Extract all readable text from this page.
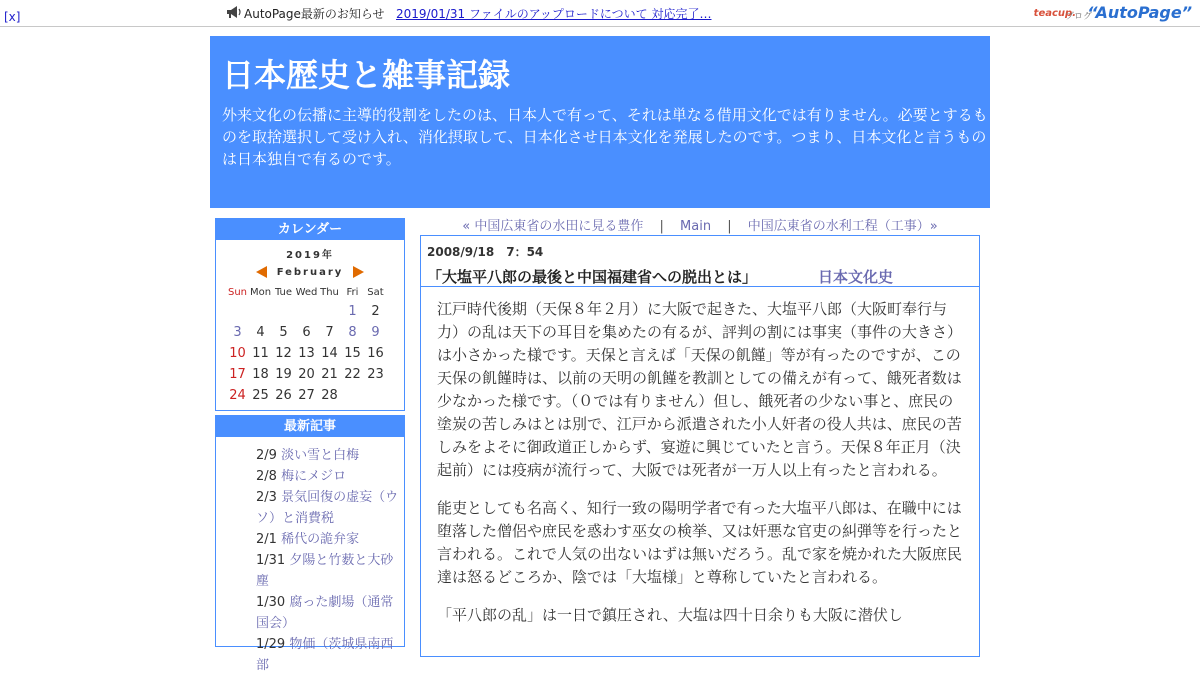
[x]	AutoPage最新のお知らせ 2019/01/31 ファイルのアップロードについて 対応完了…	teacup.
ブログ
“AutoPage”
日本歴史と雑事記録

外来文化の伝播に主導的役割をしたのは、日本人で有って、それは単なる借用文化では有りません。必要とするものを取捨選択して受け入れ、消化摂取して、日本化させ日本文化を発展したのです。つまり、日本文化と言うものは日本独自で有るのです。

カレンダー
2019年
February
Sun	Mon	Tue	Wed	Thu	Fri	Sat
					1	2
3	4	5	6	7	8	9
10	11	12	13	14	15	16
17	18	19	20	21	22	23
24	25	26	27	28		
最新記事
2/9 淡い雪と白梅
2/8 梅にメジロ
2/3 景気回復の虚妄（ウソ）と消費税
2/1 稀代の詭弁家
1/31 夕陽と竹薮と大砂塵
1/30 腐った劇場（通常国会）
1/29 物価（茨城県南西部
« 中国広東省の水田に見る豊作 | Main | 中国広東省の水利工程（工事）»
2008/9/18　7：54
「大塩平八郎の最後と中国福建省への脱出とは」	日本文化史

江戸時代後期（天保８年２月）に大阪で起きた、大塩平八郎（大阪町奉行与力）の乱は天下の耳目を集めたの有るが、評判の割には事実（事件の大きさ）は小さかった様です。天保と言えば「天保の飢饉」等が有ったのですが、この天保の飢饉時は、以前の天明の飢饉を教訓としての備えが有って、餓死者数は少なかった様です。（０では有りません）但し、餓死者の少ない事と、庶民の塗炭の苦しみはとは別で、江戸から派遣された小人奸者の役人共は、庶民の苦しみをよそに御政道正しからず、宴遊に興じていたと言う。天保８年正月（決起前）には疫病が流行って、大阪では死者が一万人以上有ったと言われる。

能吏としても名高く、知行一致の陽明学者で有った大塩平八郎は、在職中には堕落した僧侶や庶民を惑わす巫女の検挙、又は奸悪な官吏の糾弾等を行ったと言われる。これで人気の出ないはずは無いだろう。乱で家を焼かれた大阪庶民達は怒るどころか、陰では「大塩様」と尊称していたと言われる。

「平八郎の乱」は一日で鎮圧され、大塩は四十日余りも大阪に潜伏し
